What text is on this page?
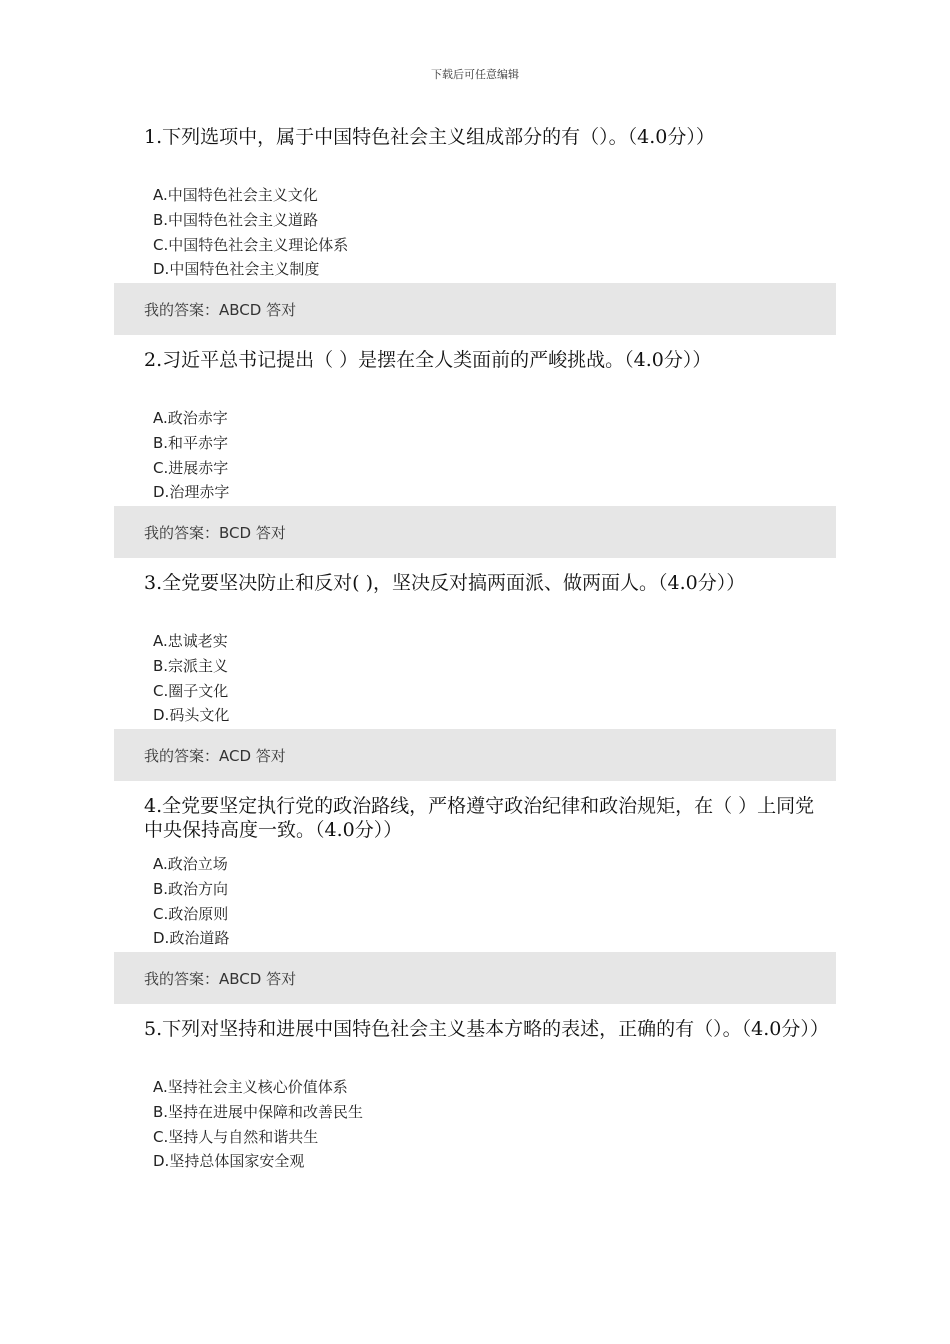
下载后可任意编辑
1.下列选项中，属于中国特色社会主义组成部分的有（）。（4.0分））
A.中国特色社会主义文化
B.中国特色社会主义道路
C.中国特色社会主义理论体系
D.中国特色社会主义制度
我的答案：ABCD 答对
2.习近平总书记提出（ ）是摆在全人类面前的严峻挑战。（4.0分））
A.政治赤字
B.和平赤字
C.进展赤字
D.治理赤字
我的答案：BCD 答对
3.全党要坚决防止和反对( )，坚决反对搞两面派、做两面人。（4.0分））
A.忠诚老实
B.宗派主义
C.圈子文化
D.码头文化
我的答案：ACD 答对
4.全党要坚定执行党的政治路线，严格遵守政治纪律和政治规矩，在（ ）上同党中央保持高度一致。（4.0分））
A.政治立场
B.政治方向
C.政治原则
D.政治道路
我的答案：ABCD 答对
5.下列对坚持和进展中国特色社会主义基本方略的表述，正确的有（）。（4.0分））
A.坚持社会主义核心价值体系
B.坚持在进展中保障和改善民生
C.坚持人与自然和谐共生
D.坚持总体国家安全观
